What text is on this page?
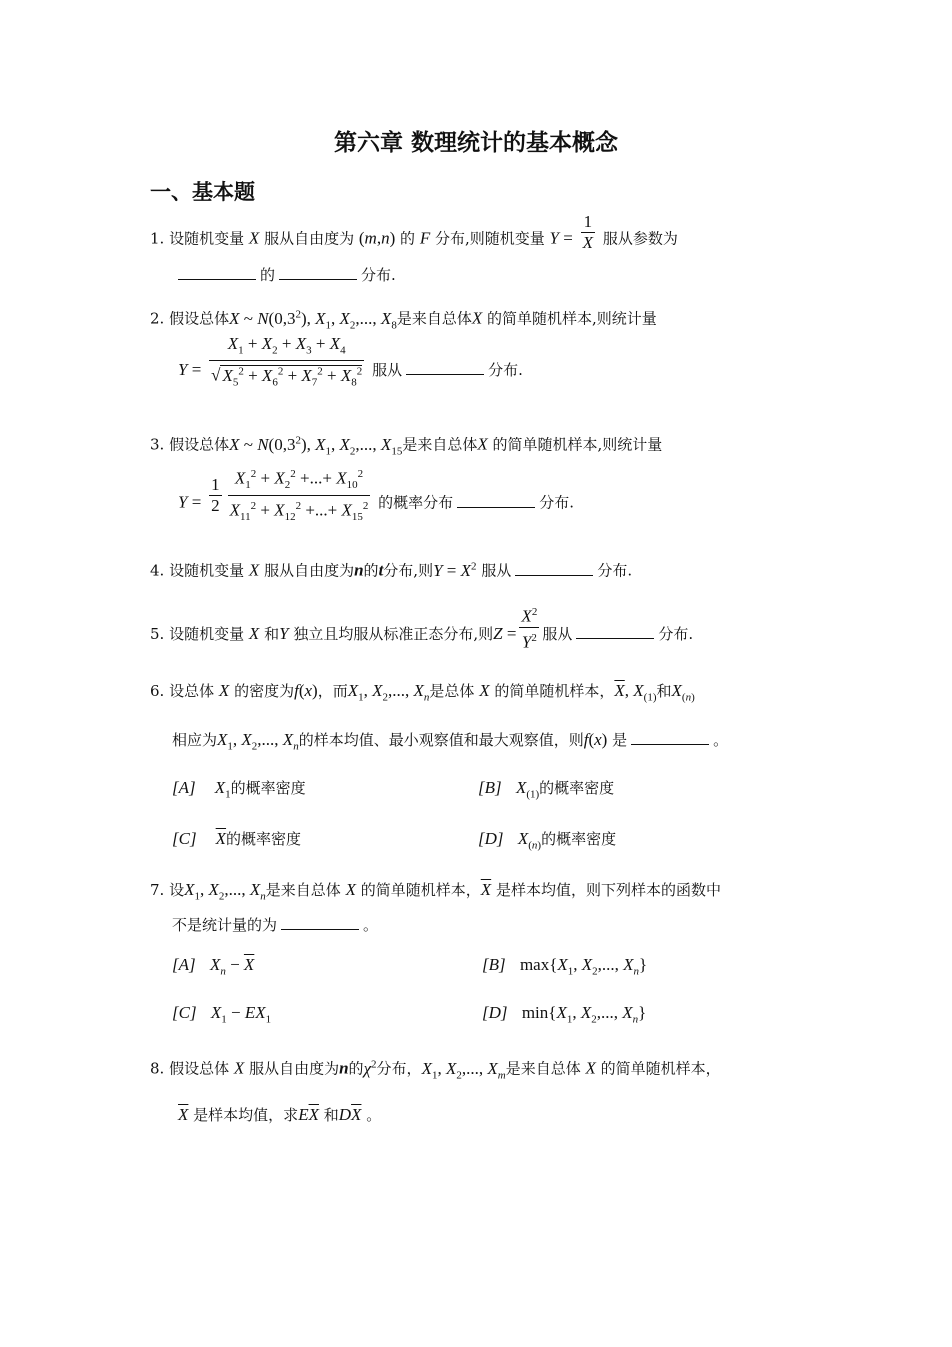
第六章 数理统计的基本概念
一、基本题
1. 设随机变量 X 服从自由度为 (m,n) 的 F 分布,则随机变量 $Y = \frac{1}{X}$ 服从参数为
的	分布.
2. 假设总体X ~ $N(0,3^2)$, $X_1$, $X_2$,..., $X_8$是来自总体X 的简单随机样本,则统计量
$Y = \frac{X_1 + X_2 + X_3 + X_4}{√ X_5^2 + X_6^2 + X_7^2 + X_8^2}$ 服从	分布.
3. 假设总体X ~ $N(0,3^2)$, $X_1$, $X_2$,..., $X_{15}$是来自总体X 的简单随机样本,则统计量
$Y = \frac{1}{2} \frac{X_1^2 + X_2^2 +...+ X_{10}^2}{X_{11}^2 + X_{12}^2 +...+ X_{15}^2}$ 的概率分布	分布.
4. 设随机变量 X 服从自由度为n的t分布,则$Y = X^2$ 服从	分布.
5. 设随机变量 X 和Y 独立且均服从标准正态分布,则$Z = \frac{X^2}{Y^2}$ 服从	分布.
6. 设总体 X 的密度为f(x)，而$X_1$, $X_2$,..., $X_n$是总体 X 的简单随机样本，$\overline{X}$, $X_{(1)}$和$X_{(n)}$
相应为$X_1$, $X_2$,..., $X_n$的样本均值、最小观察值和最大观察值，则f(x) 是	。
[A] $X_1$的概率密度	[B] $X_{(1)}$的概率密度
[C] $\overline{X}$的概率密度	[D] $X_{(n)}$的概率密度
7. 设$X_1$, $X_2$,..., $X_n$是来自总体 X 的简单随机样本，$\overline{X}$ 是样本均值，则下列样本的函数中
不是统计量的为	。
[A] $X_n - \overline{X}$	[B] $\max\{X_1$, $X_2$,..., $X_n$}
[C] $X_1 - EX_1$	[D] $\min\{X_1$, $X_2$,..., $X_n$}
8. 假设总体 X 服从自由度为n的$\chi^2$分布，$X_1$, $X_2$,..., $X_m$是来自总体 X 的简单随机样本，
$\overline{X}$ 是样本均值，求$E\overline{X}$ 和$D\overline{X}$ 。
